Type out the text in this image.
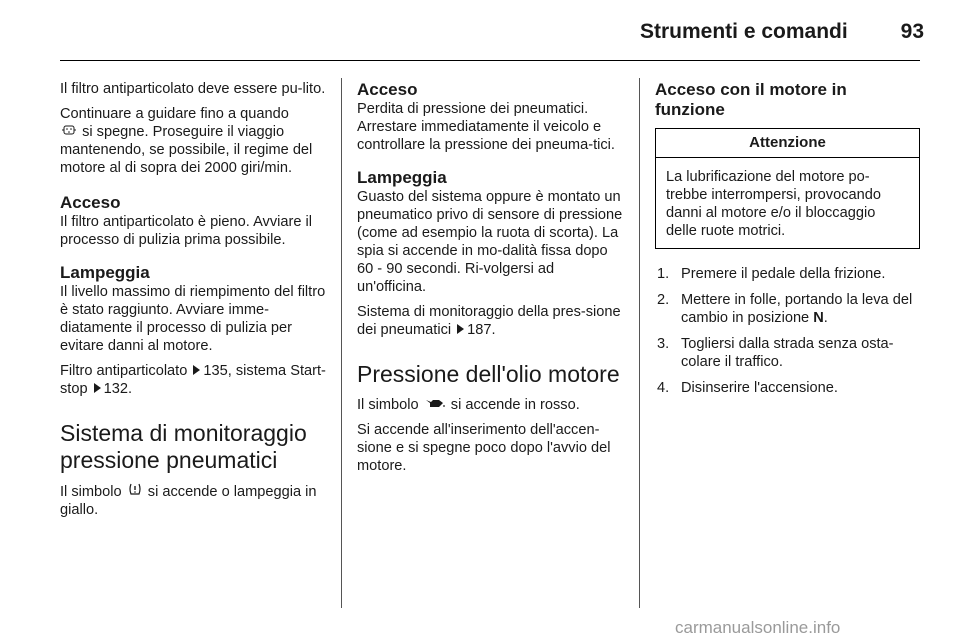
Strumenti e comandi	93

Il filtro antiparticolato deve essere pu-lito.

Continuare a guidare fino a quando
si spegne. Proseguire il viaggio mantenendo, se possibile, il regime del motore al di sopra dei 2000 giri/min.

Acceso

Il filtro antiparticolato è pieno. Avviare il processo di pulizia prima possibile.

Lampeggia

Il livello massimo di riempimento del filtro è stato raggiunto. Avviare imme-diatamente il processo di pulizia per evitare danni al motore.

Filtro antiparticolato 135, sistema Start-stop 132.

Sistema di monitoraggio pressione pneumatici

Il simbolo si accende o lampeggia in giallo.

Acceso

Perdita di pressione dei pneumatici. Arrestare immediatamente il veicolo e controllare la pressione dei pneuma-tici.

Lampeggia

Guasto del sistema oppure è montato un pneumatico privo di sensore di pressione (come ad esempio la ruota di scorta). La spia si accende in mo-dalità fissa dopo 60 - 90 secondi. Ri-volgersi ad un'officina.

Sistema di monitoraggio della pres-sione dei pneumatici 187.

Pressione dell'olio motore

Il simbolo si accende in rosso.

Si accende all'inserimento dell'accen-sione e si spegne poco dopo l'avvio del motore.

Acceso con il motore in funzione
Attenzione
La lubrificazione del motore po-trebbe interrompersi, provocando danni al motore e/o il bloccaggio delle ruote motrici.
1. Premere il pedale della frizione.
2. Mettere in folle, portando la leva del cambio in posizione N.
3. Togliersi dalla strada senza osta-colare il traffico.
4. Disinserire l'accensione.
carmanualsonline.info
